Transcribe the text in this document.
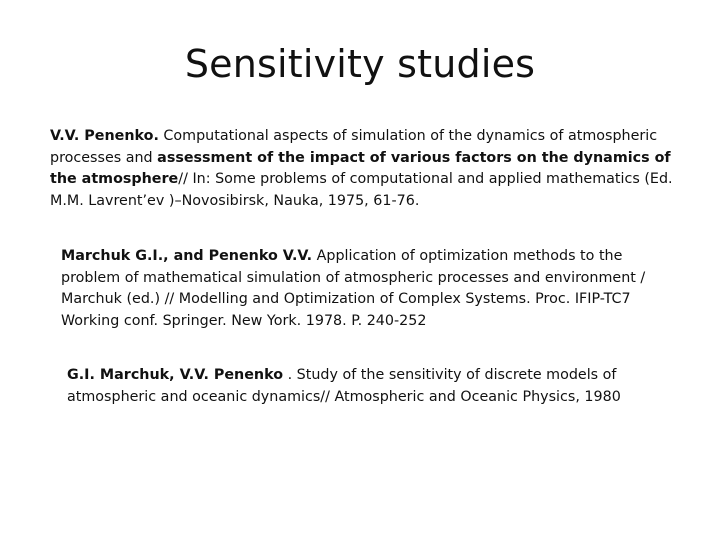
Sensitivity studies

V.V. Penenko. Computational aspects of simulation of the dynamics of atmospheric processes and assessment of the impact of various factors on the dynamics of the atmosphere// In: Some problems of computational and applied mathematics (Ed. M.M. Lavrent’ev )–Novosibirsk, Nauka, 1975, 61-76.

Marchuk G.I., and Penenko V.V. Application of optimization methods to the problem of mathematical simulation of atmospheric processes and environment / Marchuk (ed.) // Modelling and Optimization of Complex Systems. Proc. IFIP-TC7 Working conf. Springer. New York. 1978. P. 240-252

G.I. Marchuk, V.V. Penenko . Study of the sensitivity of discrete models of atmospheric and oceanic dynamics// Atmospheric and Oceanic Physics, 1980
